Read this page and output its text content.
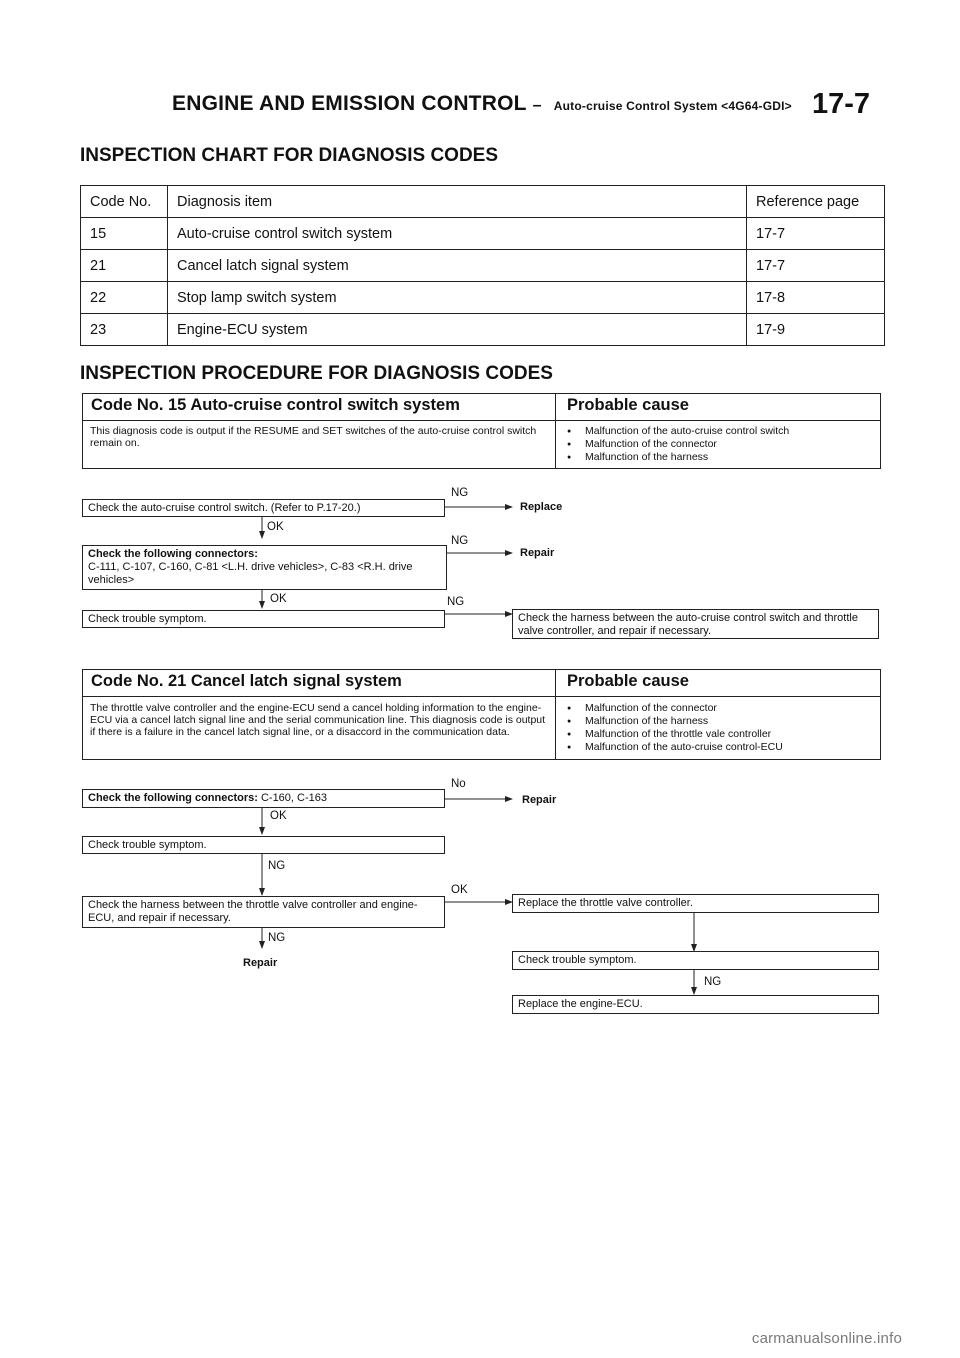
ENGINE AND EMISSION CONTROL – Auto-cruise Control System <4G64-GDI> 17-7
INSPECTION CHART FOR DIAGNOSIS CODES
Code No.	Diagnosis item	Reference page
15	Auto-cruise control switch system	17-7
21	Cancel latch signal system	17-7
22	Stop lamp switch system	17-8
23	Engine-ECU system	17-9
INSPECTION PROCEDURE FOR DIAGNOSIS CODES
Code No. 15 Auto-cruise control switch system	Probable cause
This diagnosis code is output if the RESUME and SET switches of the auto-cruise control switch remain on.
● Malfunction of the auto-cruise control switch
● Malfunction of the connector
● Malfunction of the harness
Check the auto-cruise control switch. (Refer to P.17-20.)
Check the following connectors:
C-111, C-107, C-160, C-81 <L.H. drive vehicles>, C-83 <R.H. drive vehicles>
Check trouble symptom.	Check the harness between the auto-cruise control switch and throttle valve controller, and repair if necessary.
NG
Replace
OK
NG
Repair
OK	NG
Code No. 21 Cancel latch signal system	Probable cause
The throttle valve controller and the engine-ECU send a cancel holding information to the engine-ECU via a cancel latch signal line and the serial communication line. This diagnosis code is output if there is a failure in the cancel latch signal line, or a disaccord in the communication data.
● Malfunction of the connector
● Malfunction of the harness
● Malfunction of the throttle vale controller
● Malfunction of the auto-cruise control-ECU
Check the following connectors: C-160, C-163
Check trouble symptom.
Check the harness between the throttle valve controller and engine-ECU, and repair if necessary.
Replace the throttle valve controller.
Check trouble symptom.
Replace the engine-ECU.
No
Repair
OK
NG
OK
NG
Repair
NG
carmanualsonline.info
